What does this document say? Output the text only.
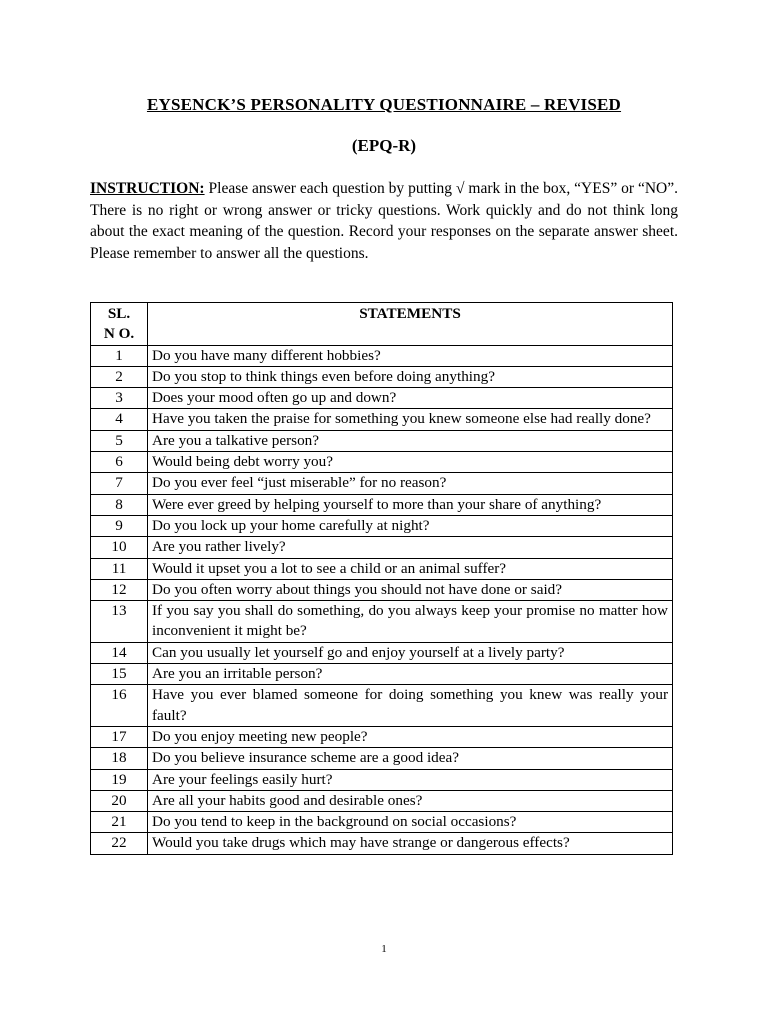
EYSENCK’S PERSONALITY QUESTIONNAIRE – REVISED
(EPQ-R)
INSTRUCTION: Please answer each question by putting √ mark in the box, “YES” or “NO”. There is no right or wrong answer or tricky questions. Work quickly and do not think long about the exact meaning of the question. Record your responses on the separate answer sheet. Please remember to answer all the questions.
SL.
N O.	STATEMENTS
1	Do you have many different hobbies?
2	Do you stop to think things even before doing anything?
3	Does your mood often go up and down?
4	Have you taken the praise for something you knew someone else had really done?
5	Are you a talkative person?
6	Would being debt worry you?
7	Do you ever feel “just miserable” for no reason?
8	Were ever greed by helping yourself to more than your share of anything?
9	Do you lock up your home carefully at night?
10	Are you rather lively?
11	Would it upset you a lot to see a child or an animal suffer?
12	Do you often worry about things you should not have done or said?
13	If you say you shall do something, do you always keep your promise no matter how inconvenient it might be?
14	Can you usually let yourself go and enjoy yourself at a lively party?
15	Are you an irritable person?
16	Have you ever blamed someone for doing something you knew was really your fault?
17	Do you enjoy meeting new people?
18	Do you believe insurance scheme are a good idea?
19	Are your feelings easily hurt?
20	Are all your habits good and desirable ones?
21	Do you tend to keep in the background on social occasions?
22	Would you take drugs which may have strange or dangerous effects?
1
